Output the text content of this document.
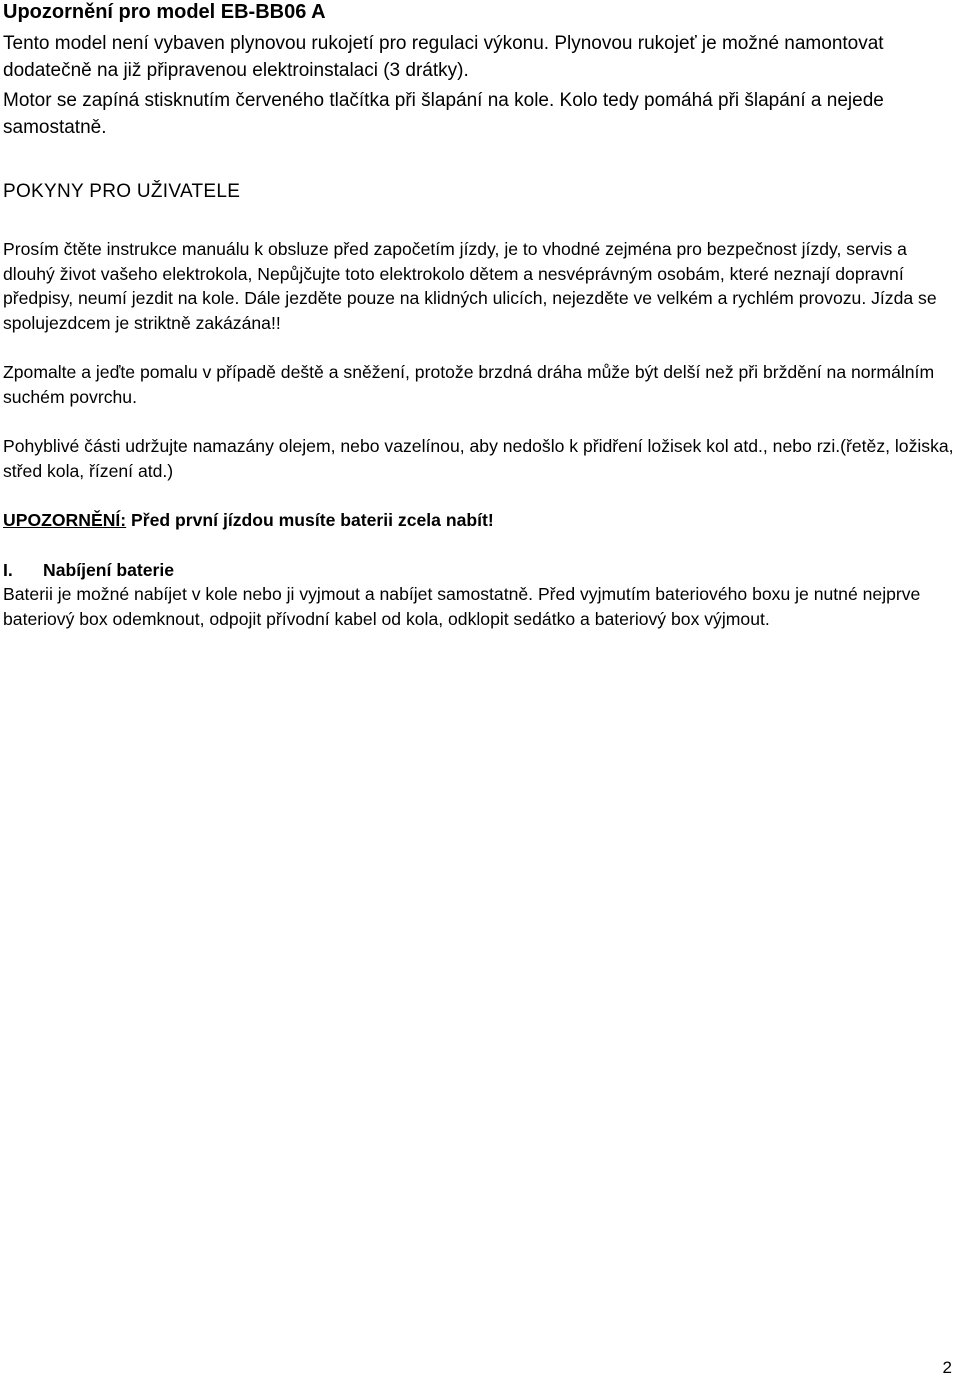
Upozornění pro model EB-BB06 A

Tento model není vybaven plynovou rukojetí pro regulaci výkonu. Plynovou rukojeť je možné namontovat dodatečně na již připravenou elektroinstalaci (3 drátky).

Motor se zapíná stisknutím červeného tlačítka při šlapání na kole. Kolo tedy pomáhá při šlapání a nejede samostatně.

POKYNY PRO UŽIVATELE

Prosím čtěte instrukce manuálu k obsluze před započetím jízdy, je to vhodné zejména pro bezpečnost jízdy, servis a dlouhý život vašeho elektrokola, Nepůjčujte toto elektrokolo dětem a nesvéprávným osobám, které neznají dopravní předpisy, neumí jezdit na kole. Dále jezděte pouze na klidných ulicích, nejezděte ve velkém a rychlém provozu. Jízda se spolujezdcem je striktně zakázána!!

Zpomalte a jeďte pomalu v případě deště a sněžení, protože brzdná dráha může být delší než při brždění na normálním suchém povrchu.

Pohyblivé části udržujte namazány olejem, nebo vazelínou, aby nedošlo k přidření ložisek kol atd., nebo rzi.(řetěz, ložiska, střed kola, řízení atd.)

UPOZORNĚNÍ: Před první jízdou musíte baterii zcela nabít!

I. Nabíjení baterie

Baterii je možné nabíjet v kole nebo ji vyjmout a nabíjet samostatně. Před vyjmutím bateriového boxu je nutné nejprve bateriový box odemknout, odpojit přívodní kabel od kola, odklopit sedátko a bateriový box výjmout.

2
